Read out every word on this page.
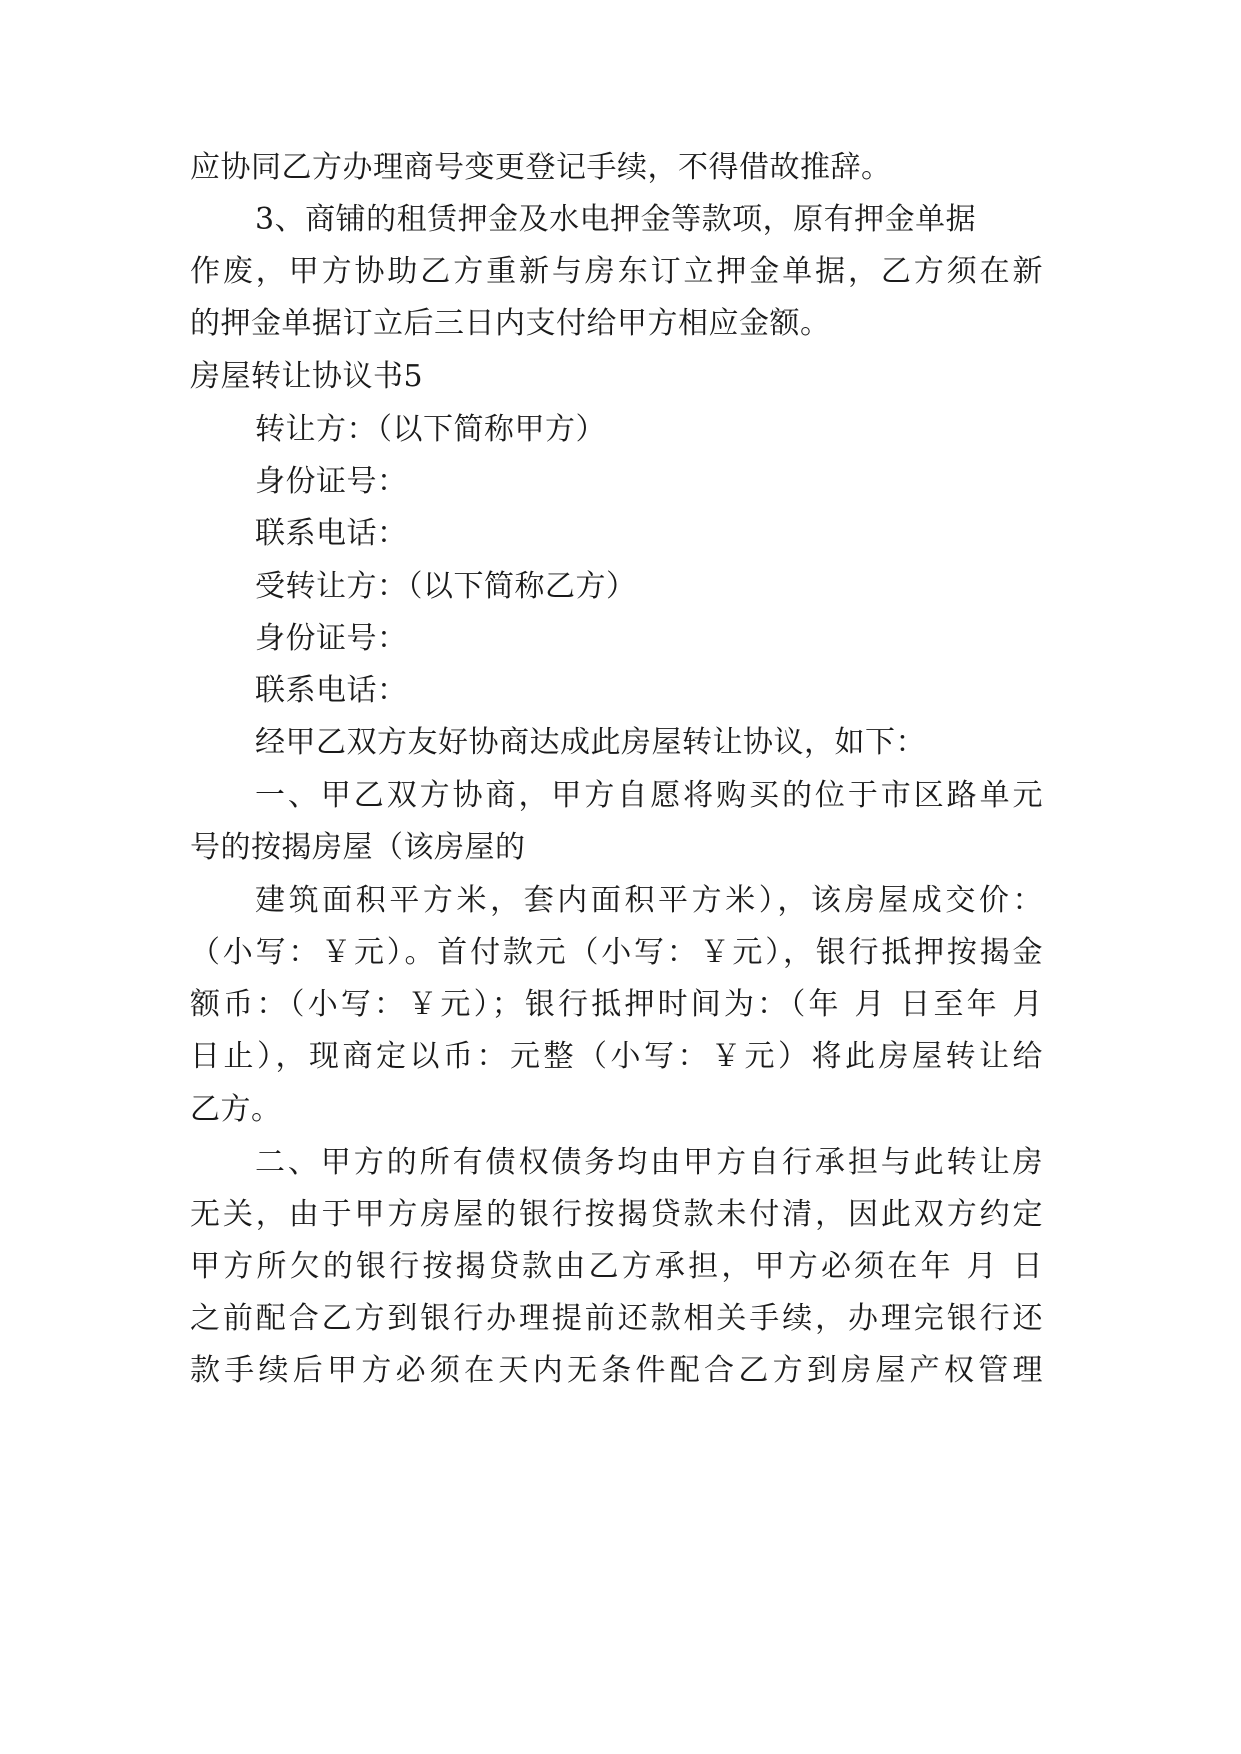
应协同乙方办理商号变更登记手续，不得借故推辞。
3、商铺的租赁押金及水电押金等款项，原有押金单据
作废，甲方协助乙方重新与房东订立押金单据，乙方须在新
的押金单据订立后三日内支付给甲方相应金额。
房屋转让协议书5
转让方：（以下简称甲方）
身份证号：
联系电话：
受转让方：（以下简称乙方）
身份证号：
联系电话：
经甲乙双方友好协商达成此房屋转让协议，如下：
一、甲乙双方协商，甲方自愿将购买的位于市区路单元
号的按揭房屋（该房屋的
建筑面积平方米，套内面积平方米），该房屋成交价：
（小写：￥元）。首付款元（小写：￥元），银行抵押按揭金
额币：（小写：￥元）；银行抵押时间为：（年 月 日至年 月
日止），现商定以币：元整（小写：￥元）将此房屋转让给
乙方。
二、甲方的所有债权债务均由甲方自行承担与此转让房
无关，由于甲方房屋的银行按揭贷款未付清，因此双方约定
甲方所欠的银行按揭贷款由乙方承担，甲方必须在年 月 日
之前配合乙方到银行办理提前还款相关手续，办理完银行还
款手续后甲方必须在天内无条件配合乙方到房屋产权管理
